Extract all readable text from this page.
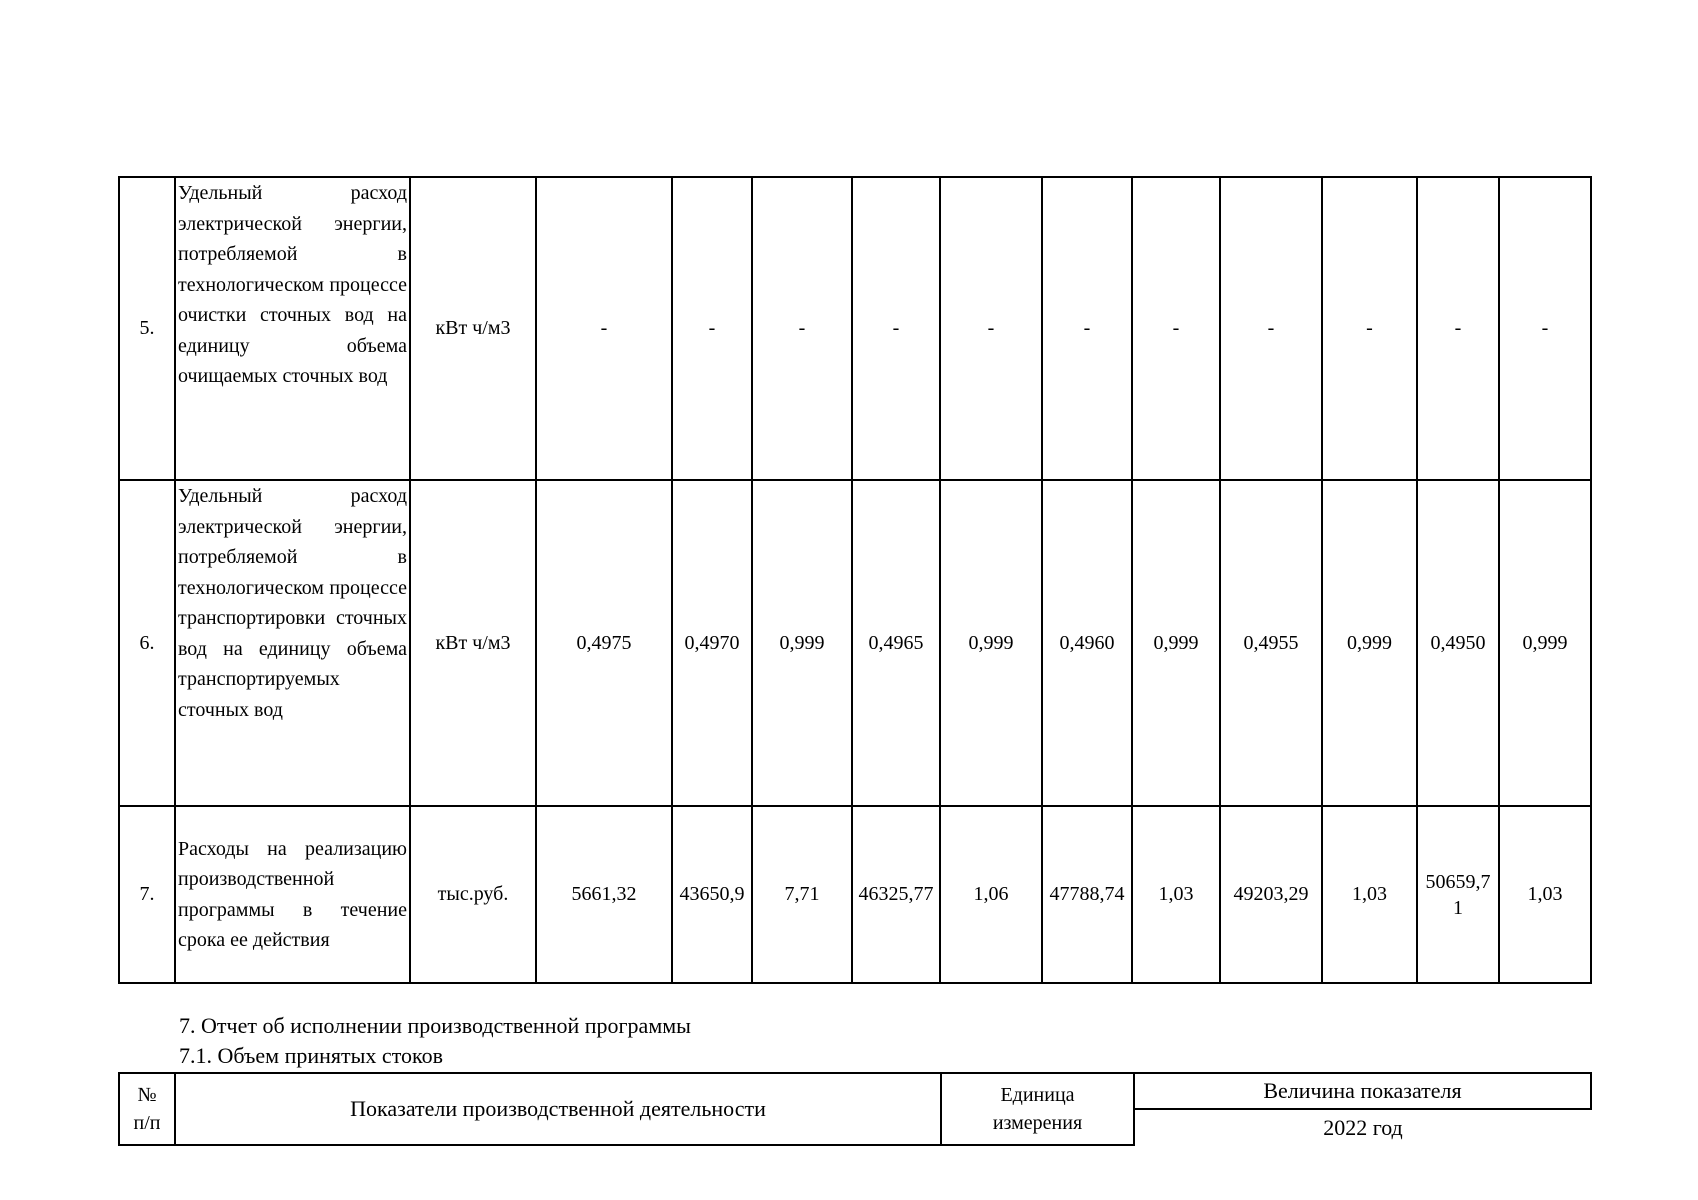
5.	Удельный расход электрической энергии, потребляемой в технологическом процессе очистки сточных вод на единицу объема очищаемых сточных вод	кВт ч/м3	-	-	-	-	-	-	-	-	-	-	-
6.	Удельный расход электрической энергии, потребляемой в технологическом процессе транспортировки сточных вод на единицу объема транспортируемых сточных вод	кВт ч/м3	0,4975	0,4970	0,999	0,4965	0,999	0,4960	0,999	0,4955	0,999	0,4950	0,999
7.	Расходы на реализацию производственной программы в течение срока ее действия	тыс.руб.	5661,32	43650,9	7,71	46325,77	1,06	47788,74	1,03	49203,29	1,03	50659,71	1,03
7. Отчет об исполнении производственной программы
7.1. Объем принятых стоков
№ п/п	Показатели производственной деятельности	Единица измерения	Величина показателя
2022 год
